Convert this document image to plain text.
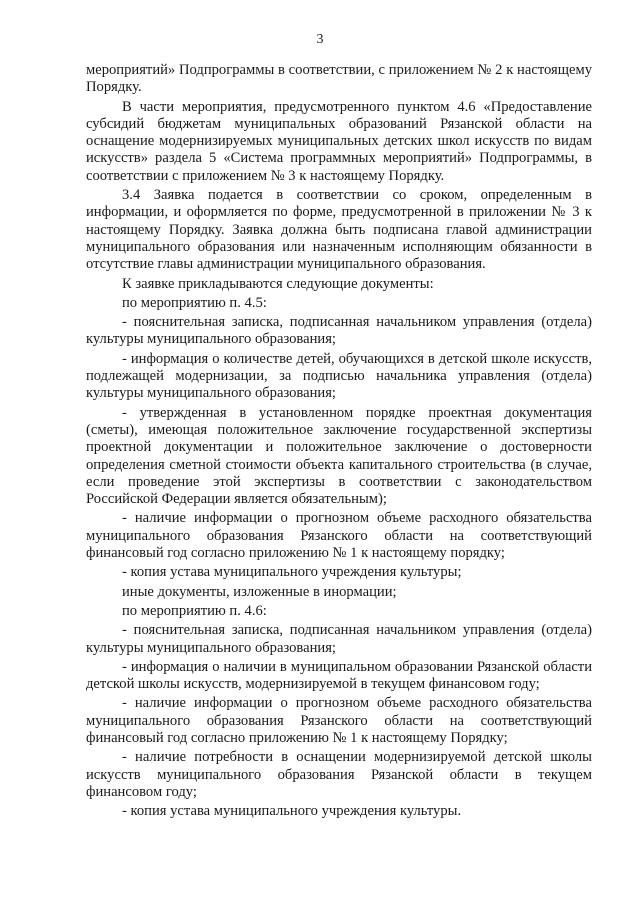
3

мероприятий» Подпрограммы в соответствии, с приложением № 2 к настоящему Порядку.

В части мероприятия, предусмотренного пунктом 4.6 «Предоставление субсидий бюджетам муниципальных образований Рязанской области на оснащение модернизируемых муниципальных детских школ искусств по видам искусств» раздела 5 «Система программных мероприятий» Подпрограммы, в соответствии с приложением № 3 к настоящему Порядку.

3.4 Заявка подается в соответствии со сроком, определенным в информации, и оформляется по форме, предусмотренной в приложении № 3 к настоящему Порядку. Заявка должна быть подписана главой администрации муниципального образования или назначенным исполняющим обязанности в отсутствие главы администрации муниципального образования.

К заявке прикладываются следующие документы:

по мероприятию п. 4.5:

- пояснительная записка, подписанная начальником управления (отдела) культуры муниципального образования;

- информация о количестве детей, обучающихся в детской школе искусств, подлежащей модернизации, за подписью начальника управления (отдела) культуры муниципального образования;

- утвержденная в установленном порядке проектная документация (сметы), имеющая положительное заключение государственной экспертизы проектной документации и положительное заключение о достоверности определения сметной стоимости объекта капитального строительства (в случае, если проведение этой экспертизы в соответствии с законодательством Российской Федерации является обязательным);

- наличие информации о прогнозном объеме расходного обязательства муниципального образования Рязанского области на соответствующий финансовый год согласно приложению № 1 к настоящему порядку;

- копия устава муниципального учреждения культуры;

иные документы, изложенные в инормации;

по мероприятию п. 4.6:

- пояснительная записка, подписанная начальником управления (отдела) культуры муниципального образования;

- информация о наличии в муниципальном образовании Рязанской области детской школы искусств, модернизируемой в текущем финансовом году;

- наличие информации о прогнозном объеме расходного обязательства муниципального образования Рязанского области на соответствующий финансовый год согласно приложению № 1 к настоящему Порядку;

- наличие потребности в оснащении модернизируемой детской школы искусств муниципального образования Рязанской области в текущем финансовом году;

- копия устава муниципального учреждения культуры.
